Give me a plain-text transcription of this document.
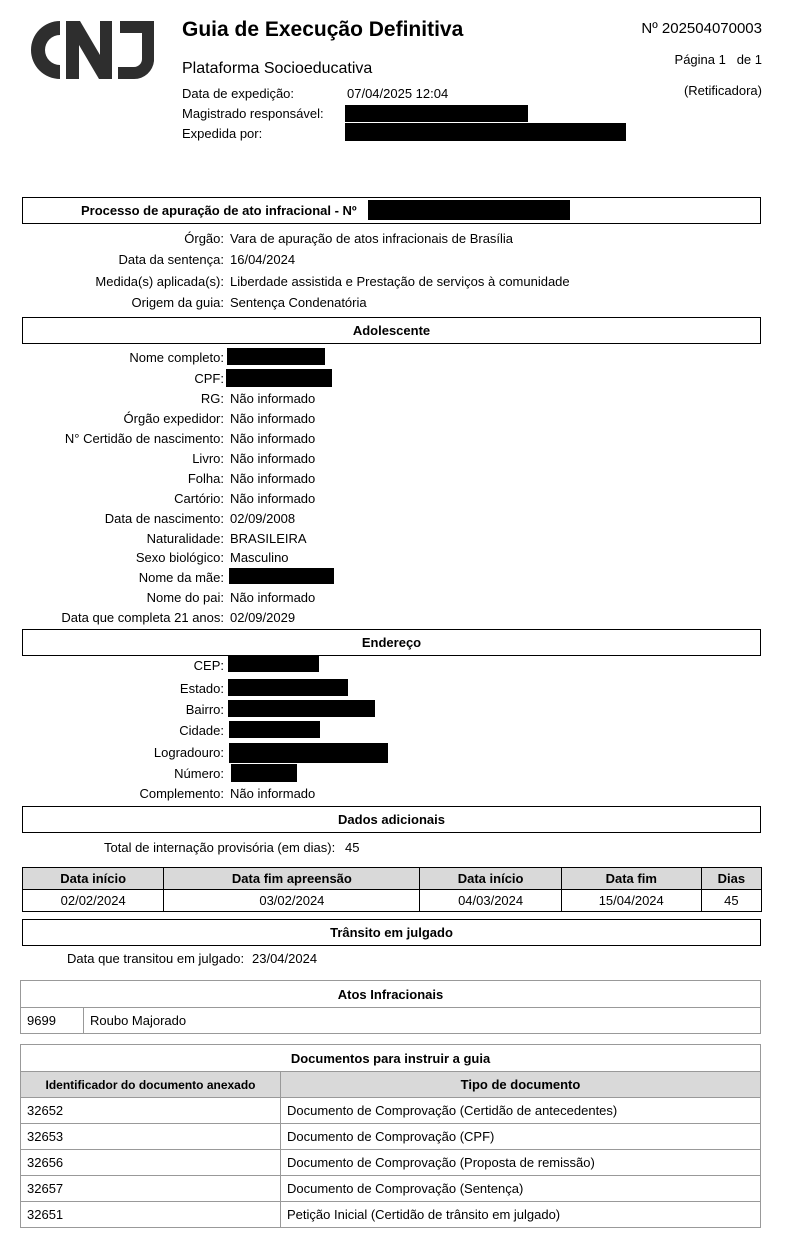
Guia de Execução Definitiva
Plataforma Socioeducativa
Data de expedição:	07/04/2025 12:04
Magistrado responsável:
Expedida por:
Nº 202504070003
Página 1   de 1
(Retificadora)
Processo de apuração de ato infracional - Nº
Órgão: Vara de apuração de atos infracionais de Brasília
Data da sentença: 16/04/2024
Medida(s) aplicada(s): Liberdade assistida e Prestação de serviços à comunidade
Origem da guia: Sentença Condenatória
Adolescente
Nome completo:
CPF:
RG: Não informado
Órgão expedidor: Não informado
N° Certidão de nascimento: Não informado
Livro: Não informado
Folha: Não informado
Cartório: Não informado
Data de nascimento: 02/09/2008
Naturalidade: BRASILEIRA
Sexo biológico: Masculino
Nome da mãe:
Nome do pai: Não informado
Data que completa 21 anos: 02/09/2029
Endereço
CEP:
Estado:
Bairro:
Cidade:
Logradouro:
Número:
Complemento: Não informado
Dados adicionais
Total de internação provisória (em dias): 45
Data início	Data fim apreensão	Data início	Data fim	Dias
02/02/2024	03/02/2024	04/03/2024	15/04/2024	45
Trânsito em julgado
Data que transitou em julgado: 23/04/2024
Atos Infracionais
9699	Roubo Majorado
Documentos para instruir a guia	
Identificador do documento anexado	Tipo de documento
32652	Documento de Comprovação (Certidão de antecedentes)
32653	Documento de Comprovação (CPF)
32656	Documento de Comprovação (Proposta de remissão)
32657	Documento de Comprovação (Sentença)
32651	Petição Inicial (Certidão de trânsito em julgado)
